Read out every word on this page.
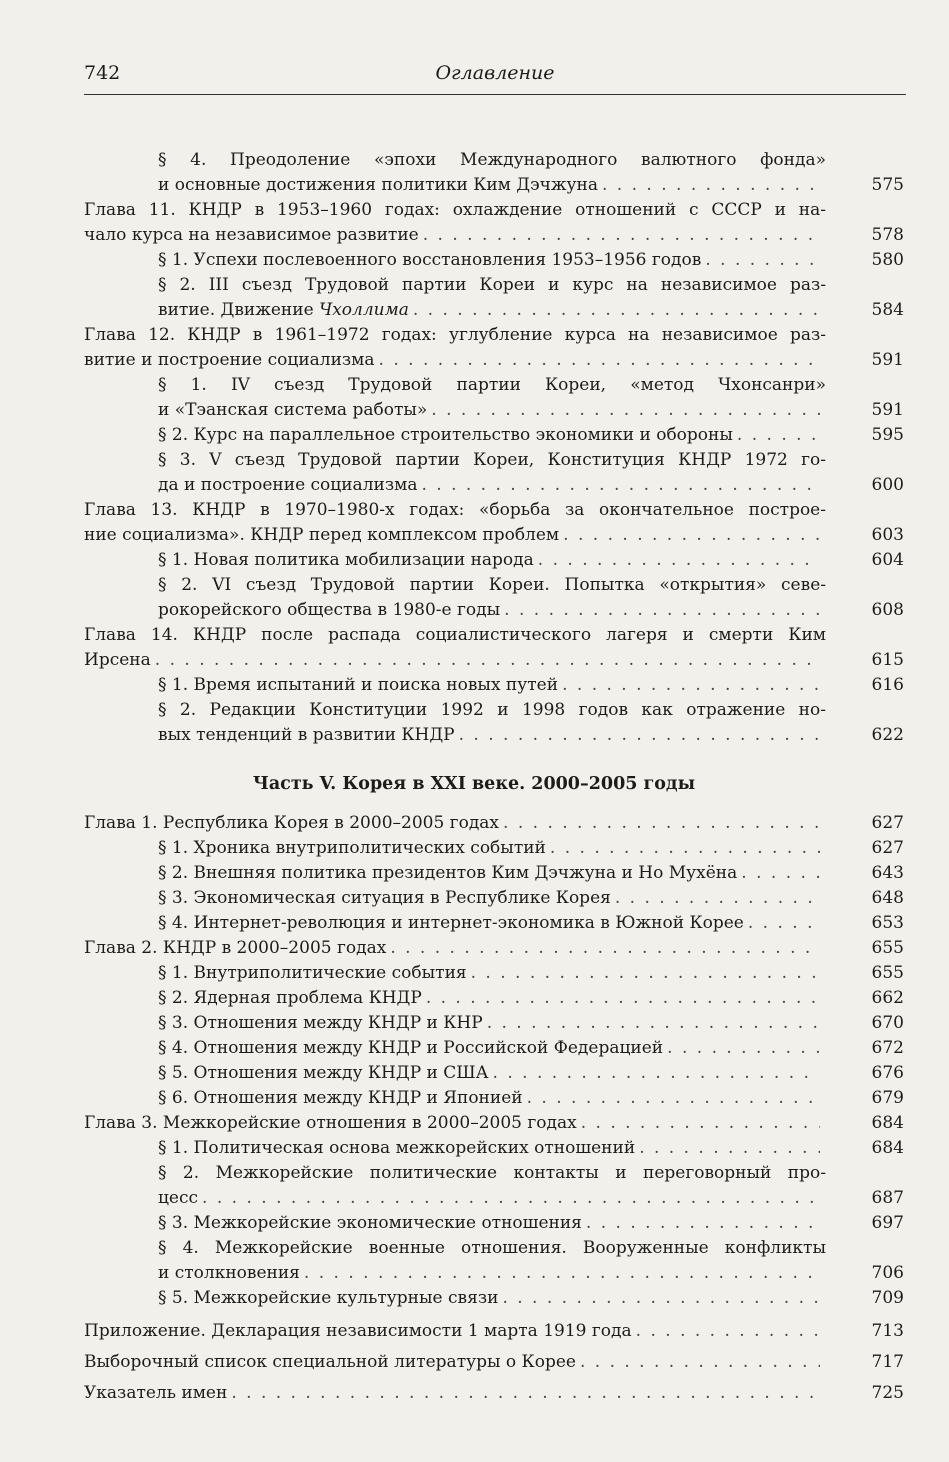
742	Оглавление
§ 4. Преодоление «эпохи Международного валютного фонда»
и основные достижения политики Ким Дэчжуна . . .	575
Глава 11. КНДР в 1953–1960 годах: охлаждение отношений с СССР и на-
чало курса на независимое развитие . . .	578
§ 1. Успехи послевоенного восстановления 1953–1956 годов . . .	580
§ 2. III съезд Трудовой партии Кореи и курс на независимое раз-
витие. Движение Чхоллима . . .	584
Глава 12. КНДР в 1961–1972 годах: углубление курса на независимое раз-
витие и построение социализма . . .	591
§ 1. IV съезд Трудовой партии Кореи, «метод Чхонсанри»
и «Тэанская система работы» . . .	591
§ 2. Курс на параллельное строительство экономики и обороны . . .	595
§ 3. V съезд Трудовой партии Кореи, Конституция КНДР 1972 го-
да и построение социализма . . .	600
Глава 13. КНДР в 1970–1980-х годах: «борьба за окончательное построе-
ние социализма». КНДР перед комплексом проблем . . .	603
§ 1. Новая политика мобилизации народа . . .	604
§ 2. VI съезд Трудовой партии Кореи. Попытка «открытия» севе-
рокорейского общества в 1980-е годы . . .	608
Глава 14. КНДР после распада социалистического лагеря и смерти Ким
Ирсена . . .	615
§ 1. Время испытаний и поиска новых путей . . .	616
§ 2. Редакции Конституции 1992 и 1998 годов как отражение но-
вых тенденций в развитии КНДР . . .	622
Часть V. Корея в XXI веке. 2000–2005 годы
Глава 1. Республика Корея в 2000–2005 годах . . .	627
§ 1. Хроника внутриполитических событий . . .	627
§ 2. Внешняя политика президентов Ким Дэчжуна и Но Мухёна . . .	643
§ 3. Экономическая ситуация в Республике Корея . . .	648
§ 4. Интернет-революция и интернет-экономика в Южной Корее . . .	653
Глава 2. КНДР в 2000–2005 годах . . .	655
§ 1. Внутриполитические события . . .	655
§ 2. Ядерная проблема КНДР . . .	662
§ 3. Отношения между КНДР и КНР . . .	670
§ 4. Отношения между КНДР и Российской Федерацией . . .	672
§ 5. Отношения между КНДР и США . . .	676
§ 6. Отношения между КНДР и Японией . . .	679
Глава 3. Межкорейские отношения в 2000–2005 годах . . .	684
§ 1. Политическая основа межкорейских отношений . . .	684
§ 2. Межкорейские политические контакты и переговорный про-
цесс . . .	687
§ 3. Межкорейские экономические отношения . . .	697
§ 4. Межкорейские военные отношения. Вооруженные конфликты
и столкновения . . .	706
§ 5. Межкорейские культурные связи . . .	709
Приложение. Декларация независимости 1 марта 1919 года . . .	713
Выборочный список специальной литературы о Корее . . .	717
Указатель имен . . .	725
